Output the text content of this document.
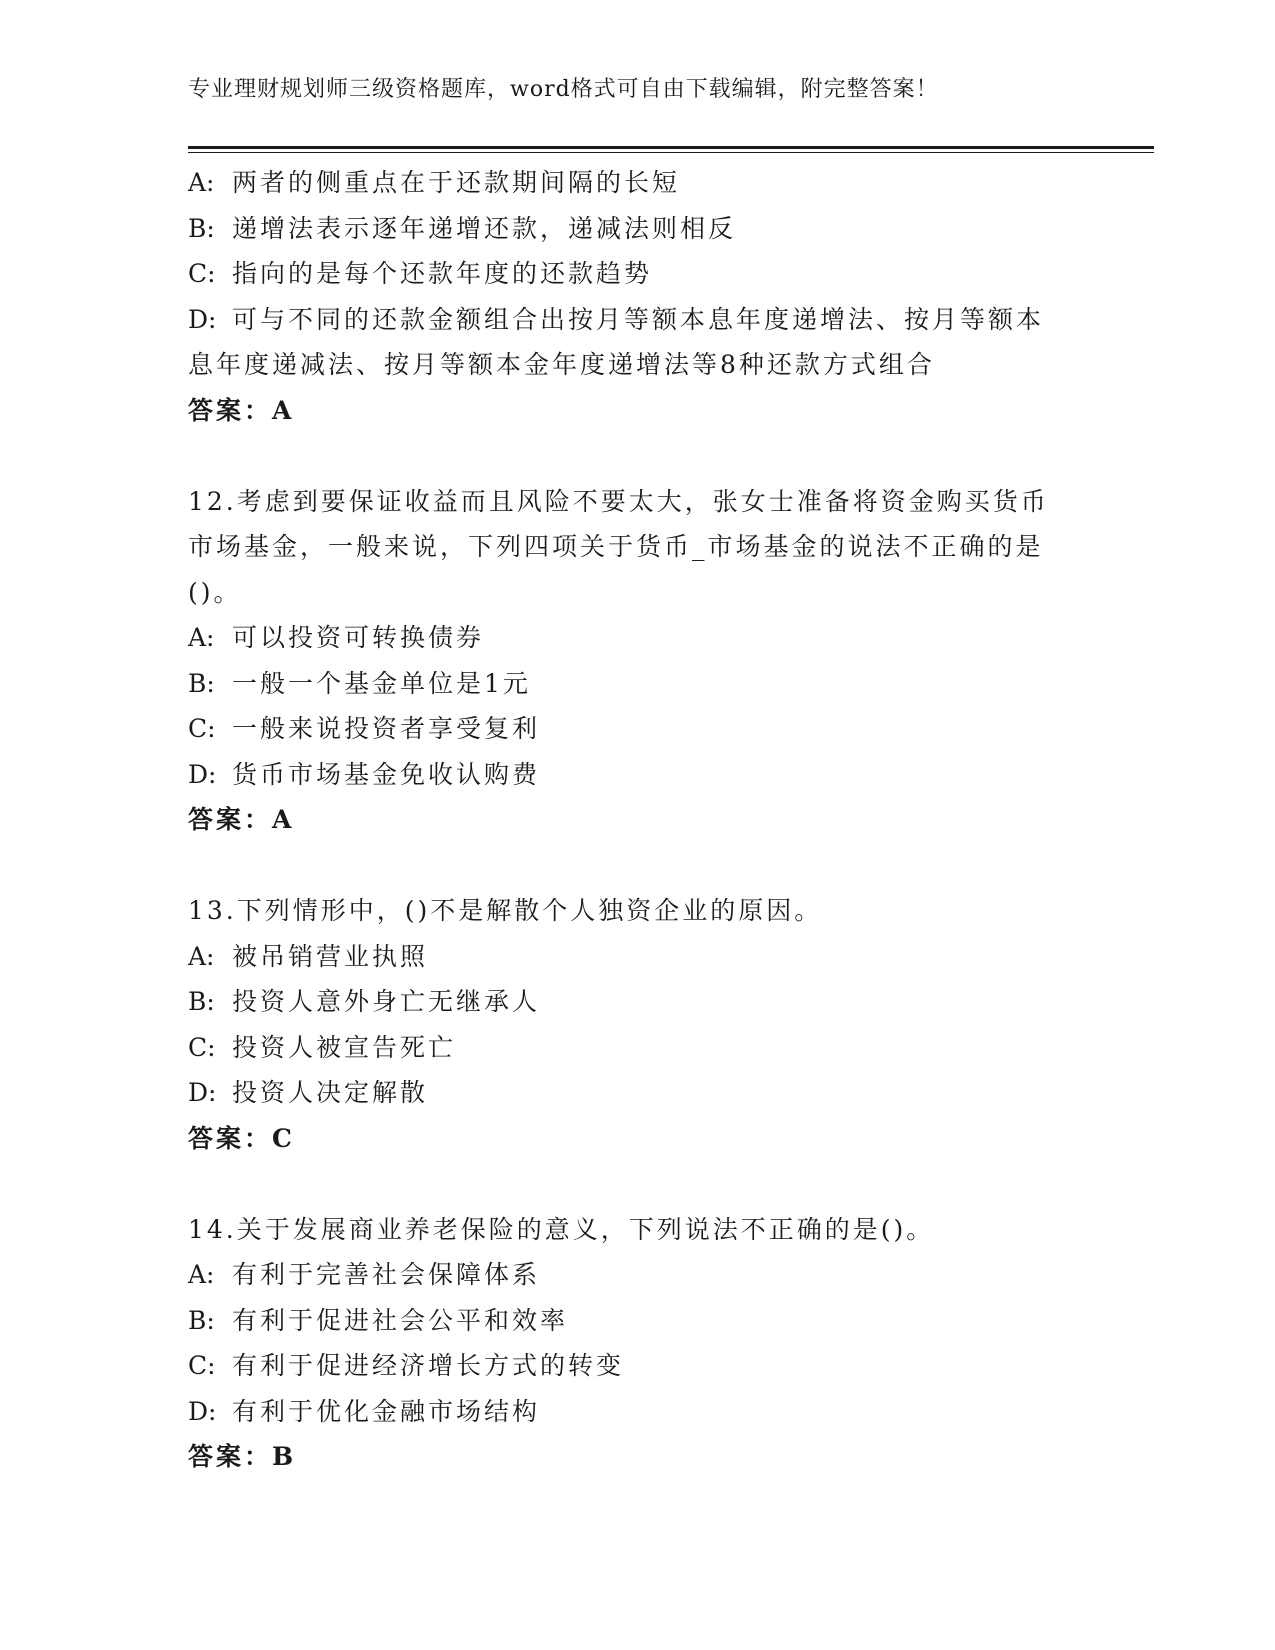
专业理财规划师三级资格题库，word格式可自由下载编辑，附完整答案！
A: 两者的侧重点在于还款期间隔的长短
B: 递增法表示逐年递增还款，递减法则相反
C: 指向的是每个还款年度的还款趋势
D: 可与不同的还款金额组合出按月等额本息年度递增法、按月等额本
息年度递减法、按月等额本金年度递增法等8种还款方式组合
答案：A
12.考虑到要保证收益而且风险不要太大，张女士准备将资金购买货币
市场基金，一般来说，下列四项关于货币_市场基金的说法不正确的是
()。
A: 可以投资可转换债券
B: 一般一个基金单位是1元
C: 一般来说投资者享受复利
D: 货币市场基金免收认购费
答案：A
13.下列情形中，()不是解散个人独资企业的原因。
A: 被吊销营业执照
B: 投资人意外身亡无继承人
C: 投资人被宣告死亡
D: 投资人决定解散
答案：C
14.关于发展商业养老保险的意义，下列说法不正确的是()。
A: 有利于完善社会保障体系
B: 有利于促进社会公平和效率
C: 有利于促进经济增长方式的转变
D: 有利于优化金融市场结构
答案：B
